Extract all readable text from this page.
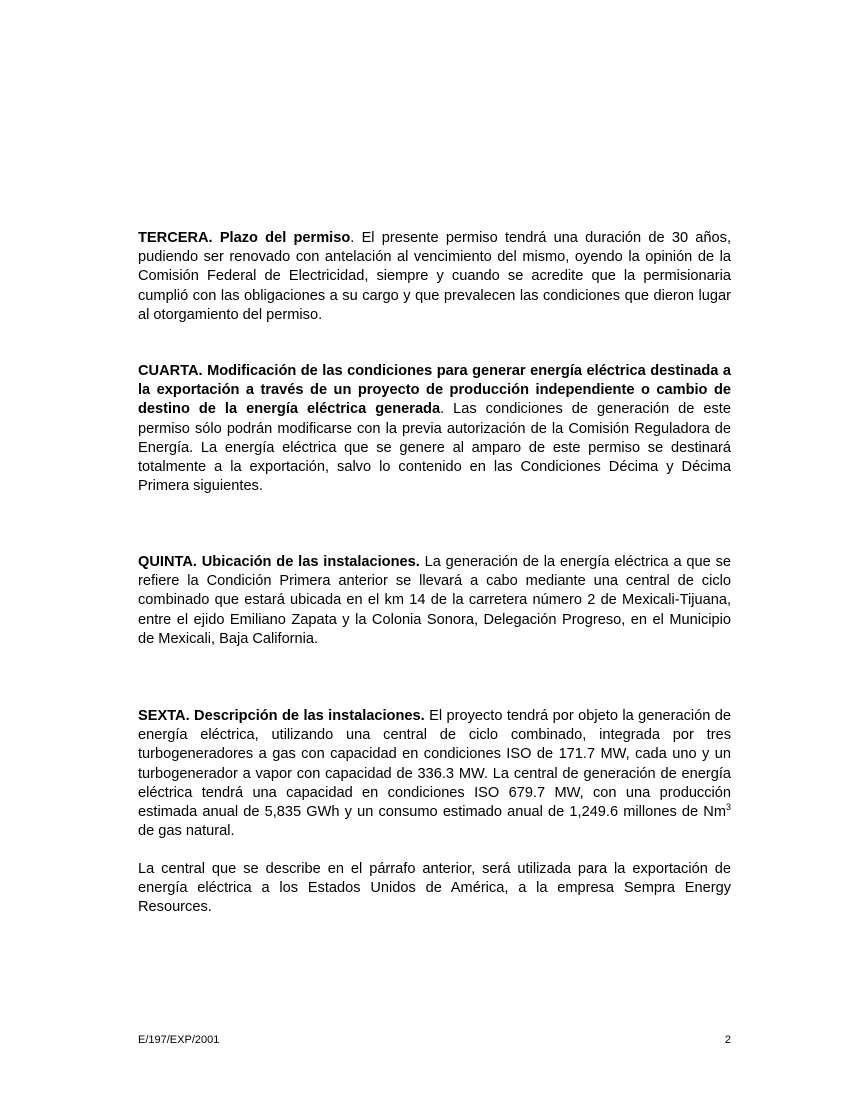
TERCERA. Plazo del permiso. El presente permiso tendrá una duración de 30 años, pudiendo ser renovado con antelación al vencimiento del mismo, oyendo la opinión de la Comisión Federal de Electricidad, siempre y cuando se acredite que la permisionaria cumplió con las obligaciones a su cargo y que prevalecen las condiciones que dieron lugar al otorgamiento del permiso.

CUARTA. Modificación de las condiciones para generar energía eléctrica destinada a la exportación a través de un proyecto de producción independiente o cambio de destino de la energía eléctrica generada. Las condiciones de generación de este permiso sólo podrán modificarse con la previa autorización de la Comisión Reguladora de Energía. La energía eléctrica que se genere al amparo de este permiso se destinará totalmente a la exportación, salvo lo contenido en las Condiciones Décima y Décima Primera siguientes.

QUINTA. Ubicación de las instalaciones. La generación de la energía eléctrica a que se refiere la Condición Primera anterior se llevará a cabo mediante una central de ciclo combinado que estará ubicada en el km 14 de la carretera número 2 de Mexicali-Tijuana, entre el ejido Emiliano Zapata y la Colonia Sonora, Delegación Progreso, en el Municipio de Mexicali, Baja California.

SEXTA. Descripción de las instalaciones. El proyecto tendrá por objeto la generación de energía eléctrica, utilizando una central de ciclo combinado, integrada por tres turbogeneradores a gas con capacidad en condiciones ISO de 171.7 MW, cada uno y un turbogenerador a vapor con capacidad de 336.3 MW. La central de generación de energía eléctrica tendrá una capacidad en condiciones ISO 679.7 MW, con una producción estimada anual de 5,835 GWh y un consumo estimado anual de 1,249.6 millones de Nm$^3$ de gas natural.

La central que se describe en el párrafo anterior, será utilizada para la exportación de energía eléctrica a los Estados Unidos de América, a la empresa Sempra Energy Resources.

E/197/EXP/2001	2
